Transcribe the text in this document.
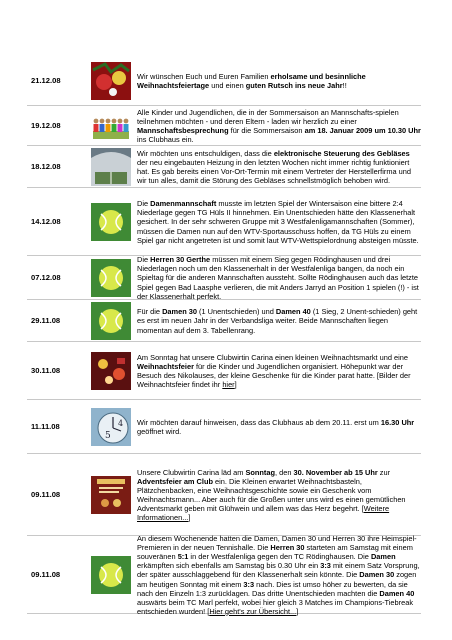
21.12.08	Wir wünschen Euch und Euren Familien erholsame und besinnliche Weihnachtsfeiertage und einen guten Rutsch ins neue Jahr!!
19.12.08
Alle Kinder und Jugendlichen, die in der Sommersaison an Mannschafts-spielen teilnehmen möchten - und deren Eltern - laden wir herzlich zu einer Mannschaftsbesprechung für die Sommersaison am 18. Januar 2009 um 10.30 Uhr ins Clubhaus ein.
18.12.08
Wir möchten uns entschuldigen, dass die elektronische Steuerung des Gebläses der neu eingebauten Heizung in den letzten Wochen nicht immer richtig funktioniert hat. Es gab bereits einen Vor-Ort-Termin mit einem Vertreter der Herstellerfirma und wir tun alles, damit die Störung des Gebläses schnellstmöglich behoben wird.
14.12.08
Die Damenmannschaft musste im letzten Spiel der Wintersaison eine bittere 2:4 Niederlage gegen TG Hüls II hinnehmen. Ein Unentschieden hätte den Klassenerhalt gesichert. In der sehr schweren Gruppe mit 3 Westfalenligamannschaften (Sommer), müssen die Damen nun auf den WTV-Sportausschuss hoffen, da TG Hüls zu einem Spiel gar nicht angetreten ist und somit laut WTV-Wettspielordnung absteigen müsste.
07.12.08
Die Herren 30 Gerthe müssen mit einem Sieg gegen Rödinghausen und drei Niederlagen noch um den Klassenerhalt in der Westfalenliga bangen, da noch ein Spieltag für die anderen Mannschaften aussteht. Sollte Rödinghausen auch das letzte Spiel gegen Bad Laasphe verlieren, die mit Anders Jarryd an Position 1 spielen (!) - ist der Klassenerhalt perfekt.
29.11.08
Für die Damen 30 (1 Unentschieden) und Damen 40 (1 Sieg, 2 Unent-schieden) geht es erst im neuen Jahr in der Verbandsliga weiter. Beide Mannschaften liegen momentan auf dem 3. Tabellenrang.
30.11.08
Am Sonntag hat unsere Clubwirtin Carina einen kleinen Weihnachtsmarkt und eine Weihnachtsfeier für die Kinder und Jugendlichen organisiert. Höhepunkt war der Besuch des Nikolauses, der kleine Geschenke für die Kinder parat hatte. [Bilder der Weihnachtsfeier findet ihr hier]
11.11.08
5
4 Wir möchten darauf hinweisen, dass das Clubhaus ab dem 20.11. erst um 16.30 Uhr geöffnet wird.
09.11.08
Unsere Clubwirtin Carina läd am Sonntag, den 30. November ab 15 Uhr zur Adventsfeier am Club ein. Die Kleinen erwartet Weihnachtsbasteln, Plätzchenbacken, eine Weihnachtsgeschichte sowie ein Geschenk vom Weihnachtsmann... Aber auch für die Großen unter uns wird es einen gemütlichen Adventsmarkt geben mit Glühwein und allem was das Herz begehrt. [Weitere Informationen...]
09.11.08
An diesem Wochenende hatten die Damen, Damen 30 und Herren 30 ihre Heimspiel-Premieren in der neuen Tennishalle. Die Herren 30 starteten am Samstag mit einem souveränen 5:1 in der Westfalenliga gegen den TC Rödinghausen. Die Damen erkämpften sich ebenfalls am Samstag bis 0.30 Uhr ein 3:3 mit einem Satz Vorsprung, der später ausschlaggebend für den Klassenerhalt sein könnte. Die Damen 30 zogen am heutigen Sonntag mit einem 3:3 nach. Dies ist umso höher zu bewerten, da sie nach den Einzeln 1:3 zurücklagen. Das dritte Unentschieden machten die Damen 40 auswärts beim TC Marl perfekt, wobei hier gleich 3 Matches im Champions-Tiebreak entschieden wurden! [Hier geht's zur Übersicht...]
